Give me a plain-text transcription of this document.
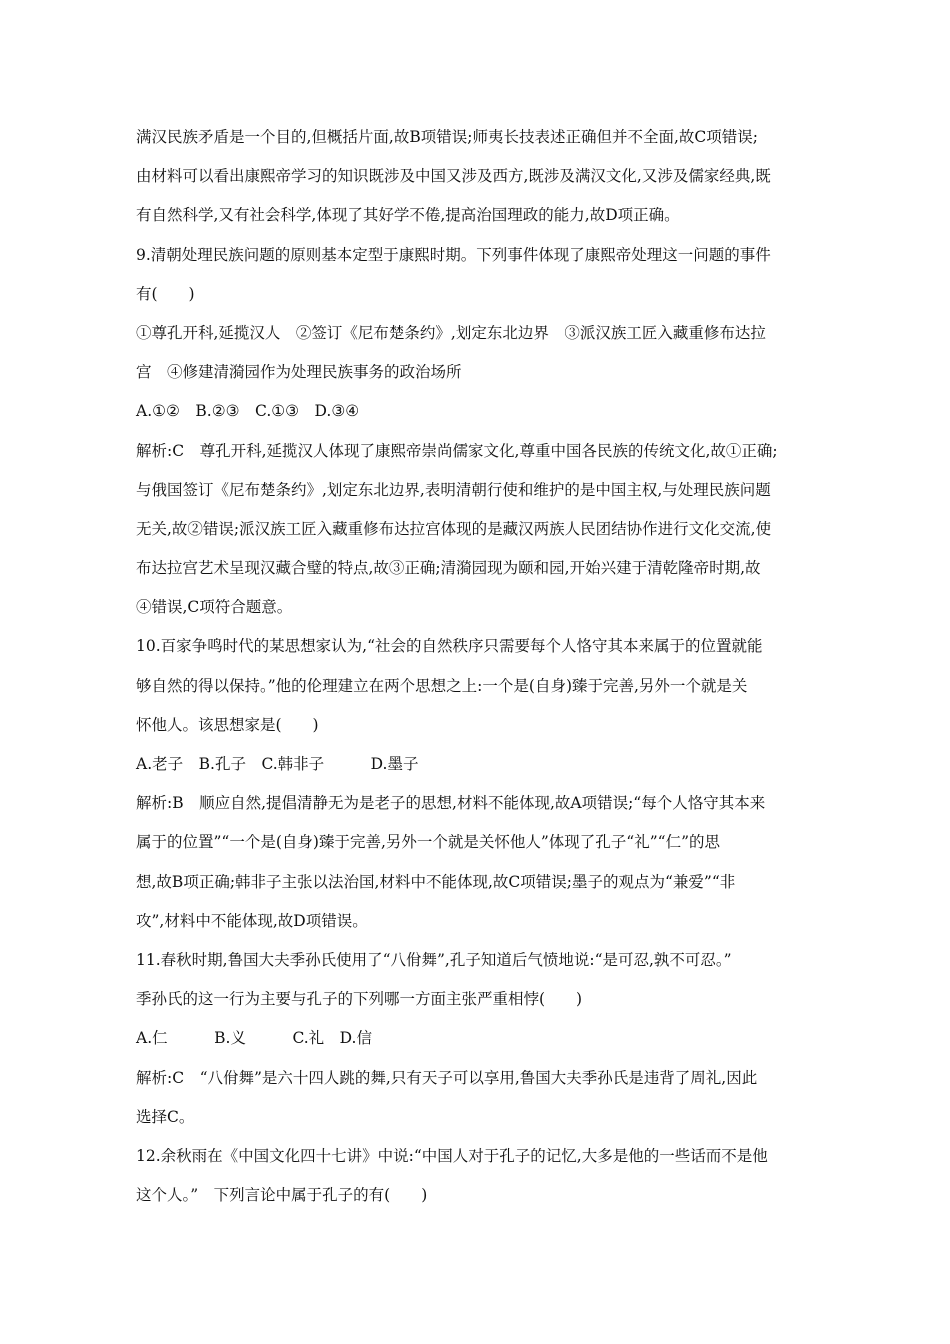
满汉民族矛盾是一个目的,但概括片面,故B项错误;师夷长技表述正确但并不全面,故C项错误;
由材料可以看出康熙帝学习的知识既涉及中国又涉及西方,既涉及满汉文化,又涉及儒家经典,既
有自然科学,又有社会科学,体现了其好学不倦,提高治国理政的能力,故D项正确。
9.清朝处理民族问题的原则基本定型于康熙时期。下列事件体现了康熙帝处理这一问题的事件
有(　　)
①尊孔开科,延揽汉人　②签订《尼布楚条约》,划定东北边界　③派汉族工匠入藏重修布达拉
宫　④修建清漪园作为处理民族事务的政治场所
A.①②　B.②③　C.①③　D.③④
解析:C　尊孔开科,延揽汉人体现了康熙帝崇尚儒家文化,尊重中国各民族的传统文化,故①正确;
与俄国签订《尼布楚条约》,划定东北边界,表明清朝行使和维护的是中国主权,与处理民族问题
无关,故②错误;派汉族工匠入藏重修布达拉宫体现的是藏汉两族人民团结协作进行文化交流,使
布达拉宫艺术呈现汉藏合璧的特点,故③正确;清漪园现为颐和园,开始兴建于清乾隆帝时期,故
④错误,C项符合题意。
10.百家争鸣时代的某思想家认为,“社会的自然秩序只需要每个人恪守其本来属于的位置就能
够自然的得以保持。”他的伦理建立在两个思想之上:一个是(自身)臻于完善,另外一个就是关
怀他人。该思想家是(　　)
A.老子　B.孔子　C.韩非子　　　D.墨子
解析:B　顺应自然,提倡清静无为是老子的思想,材料不能体现,故A项错误;“每个人恪守其本来
属于的位置”“一个是(自身)臻于完善,另外一个就是关怀他人”体现了孔子“礼”“仁”的思
想,故B项正确;韩非子主张以法治国,材料中不能体现,故C项错误;墨子的观点为“兼爱”“非
攻”,材料中不能体现,故D项错误。
11.春秋时期,鲁国大夫季孙氏使用了“八佾舞”,孔子知道后气愤地说:“是可忍,孰不可忍。”
季孙氏的这一行为主要与孔子的下列哪一方面主张严重相悖(　　)
A.仁　　　B.义　　　C.礼　D.信
解析:C　“八佾舞”是六十四人跳的舞,只有天子可以享用,鲁国大夫季孙氏是违背了周礼,因此
选择C。
12.余秋雨在《中国文化四十七讲》中说:“中国人对于孔子的记忆,大多是他的一些话而不是他
这个人。”　下列言论中属于孔子的有(　　)
